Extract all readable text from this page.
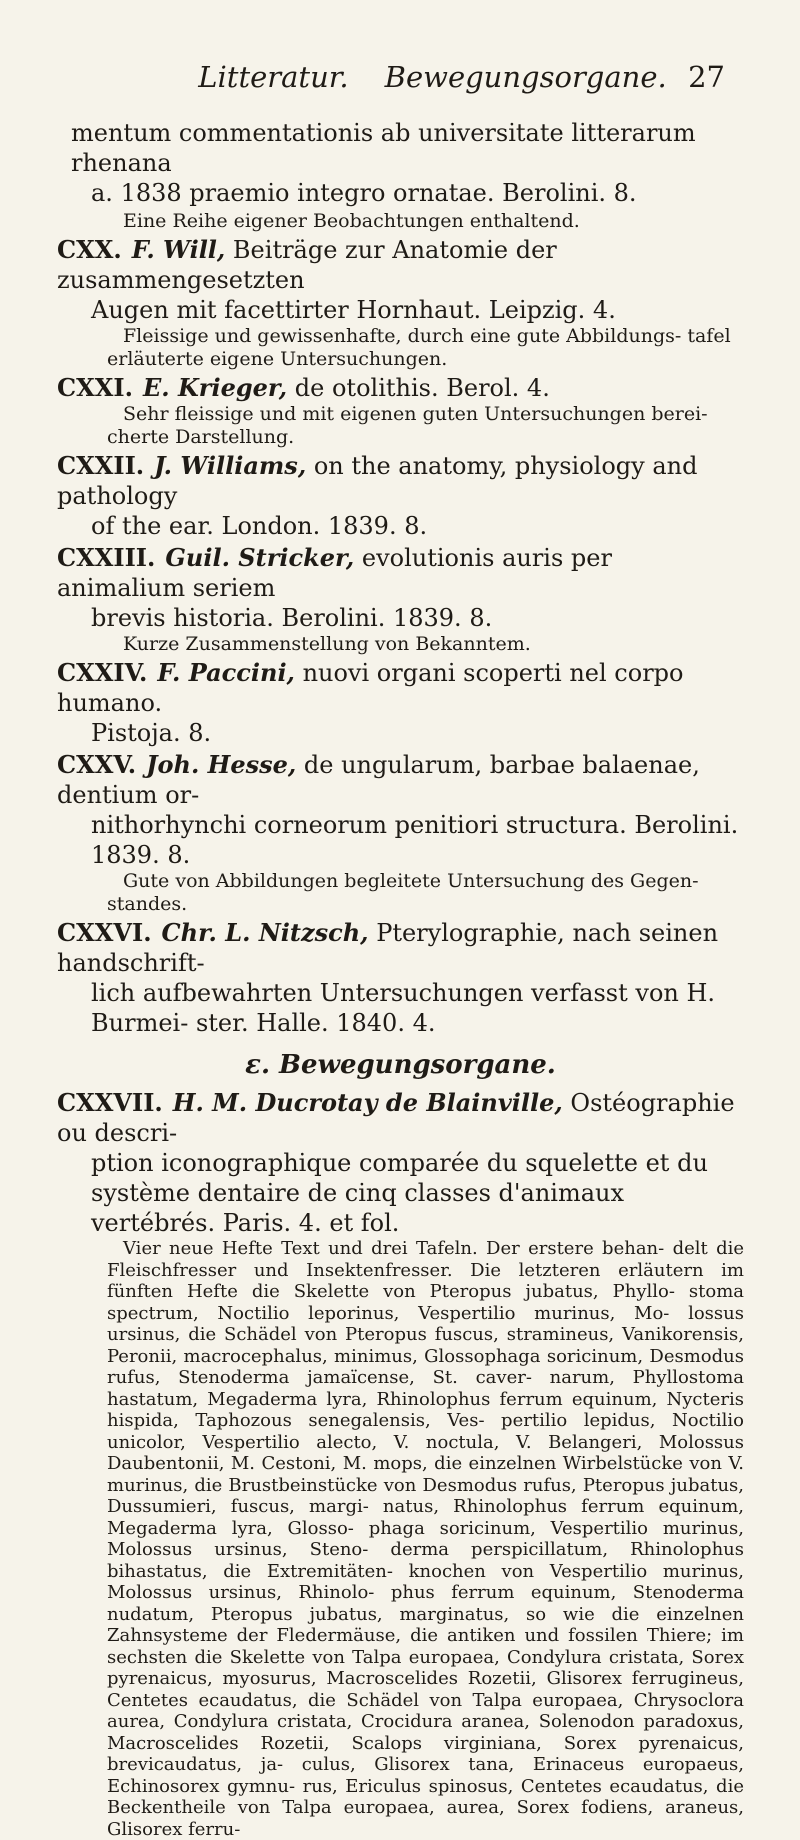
Litteratur. Bewegungsorgane. 27
mentum commentationis ab universitate litterarum rhenana
a. 1838 praemio integro ornatae. Berolini. 8.
Eine Reihe eigener Beobachtungen enthaltend.
CXX. F. Will, Beiträge zur Anatomie der zusammengesetzten
Augen mit facettirter Hornhaut. Leipzig. 4.
Fleissige und gewissenhafte, durch eine gute Abbildungs- tafel erläuterte eigene Untersuchungen.
CXXI. E. Krieger, de otolithis. Berol. 4.
Sehr fleissige und mit eigenen guten Untersuchungen berei- cherte Darstellung.
CXXII. J. Williams, on the anatomy, physiology and pathology
of the ear. London. 1839. 8.
CXXIII. Guil. Stricker, evolutionis auris per animalium seriem
brevis historia. Berolini. 1839. 8.
Kurze Zusammenstellung von Bekanntem.
CXXIV. F. Paccini, nuovi organi scoperti nel corpo humano.
Pistoja. 8.
CXXV. Joh. Hesse, de ungularum, barbae balaenae, dentium or-
nithorhynchi corneorum penitiori structura. Berolini. 1839. 8.
Gute von Abbildungen begleitete Untersuchung des Gegen- standes.
CXXVI. Chr. L. Nitzsch, Pterylographie, nach seinen handschrift-
lich aufbewahrten Untersuchungen verfasst von H. Burmei- ster. Halle. 1840. 4.
ε. Bewegungsorgane.
CXXVII. H. M. Ducrotay de Blainville, Ostéographie ou descri-
ption iconographique comparée du squelette et du système dentaire de cinq classes d'animaux vertébrés. Paris. 4. et fol.
Vier neue Hefte Text und drei Tafeln. Der erstere behan- delt die Fleischfresser und Insektenfresser. Die letzteren erläutern im fünften Hefte die Skelette von Pteropus jubatus, Phyllo- stoma spectrum, Noctilio leporinus, Vespertilio murinus, Mo- lossus ursinus, die Schädel von Pteropus fuscus, stramineus, Vanikorensis, Peronii, macrocephalus, minimus, Glossophaga soricinum, Desmodus rufus, Stenoderma jamaïcense, St. caver- narum, Phyllostoma hastatum, Megaderma lyra, Rhinolophus ferrum equinum, Nycteris hispida, Taphozous senegalensis, Ves- pertilio lepidus, Noctilio unicolor, Vespertilio alecto, V. noctula, V. Belangeri, Molossus Daubentonii, M. Cestoni, M. mops, die einzelnen Wirbelstücke von V. murinus, die Brustbeinstücke von Desmodus rufus, Pteropus jubatus, Dussumieri, fuscus, margi- natus, Rhinolophus ferrum equinum, Megaderma lyra, Glosso- phaga soricinum, Vespertilio murinus, Molossus ursinus, Steno- derma perspicillatum, Rhinolophus bihastatus, die Extremitäten- knochen von Vespertilio murinus, Molossus ursinus, Rhinolo- phus ferrum equinum, Stenoderma nudatum, Pteropus jubatus, marginatus, so wie die einzelnen Zahnsysteme der Fledermäuse, die antiken und fossilen Thiere; im sechsten die Skelette von Talpa europaea, Condylura cristata, Sorex pyrenaicus, myosurus, Macroscelides Rozetii, Glisorex ferrugineus, Centetes ecaudatus, die Schädel von Talpa europaea, Chrysoclora aurea, Condylura cristata, Crocidura aranea, Solenodon paradoxus, Macroscelides Rozetii, Scalops virginiana, Sorex pyrenaicus, brevicaudatus, ja- culus, Glisorex tana, Erinaceus europaeus, Echinosorex gymnu- rus, Ericulus spinosus, Centetes ecaudatus, die Beckentheile von Talpa europaea, aurea, Sorex fodiens, araneus, Glisorex ferru-
